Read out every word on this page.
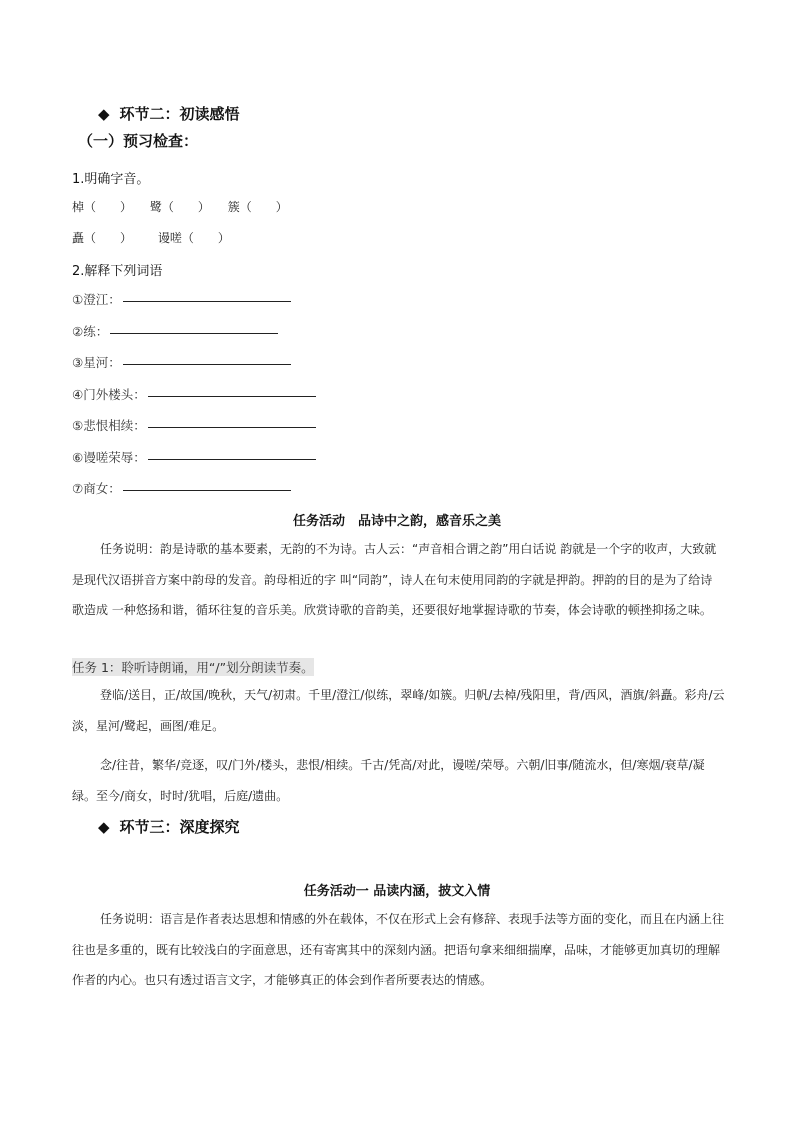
◆ 环节二：初读感悟
（一）预习检查：
1.明确字音。
棹（　　） 鹭（　　） 簇（　　）
矗（　　） 谩嗟（　　）
2.解释下列词语
①澄江：
②练：
③星河：
④门外楼头：
⑤悲恨相续：
⑥谩嗟荣辱：
⑦商女：
任务活动　品诗中之韵，感音乐之美
任务说明：韵是诗歌的基本要素，无韵的不为诗。古人云：“声音相合谓之韵”用白话说 韵就是一个字的收声，大致就是现代汉语拼音方案中韵母的发音。韵母相近的字 叫“同韵”，诗人在句末使用同韵的字就是押韵。押韵的目的是为了给诗歌造成 一种悠扬和谐，循环往复的音乐美。欣赏诗歌的音韵美，还要很好地掌握诗歌的节奏，体会诗歌的顿挫抑扬之味。
任务 1：聆听诗朗诵，用“/”划分朗读节奏。
登临/送目，正/故国/晚秋，天气/初肃。千里/澄江/似练，翠峰/如簇。归帆/去棹/残阳里，背/西风，酒旗/斜矗。彩舟/云淡，星河/鹭起，画图/难足。
念/往昔，繁华/竞逐，叹/门外/楼头，悲恨/相续。千古/凭高/对此，谩嗟/荣辱。六朝/旧事/随流水，但/寒烟/衰草/凝绿。至今/商女，时时/犹唱，后庭/遗曲。
◆ 环节三：深度探究
任务活动一 品读内涵，披文入情
任务说明：语言是作者表达思想和情感的外在载体，不仅在形式上会有修辞、表现手法等方面的变化，而且在内涵上往往也是多重的，既有比较浅白的字面意思，还有寄寓其中的深刻内涵。把语句拿来细细揣摩，品味，才能够更加真切的理解作者的内心。也只有透过语言文字，才能够真正的体会到作者所要表达的情感。
